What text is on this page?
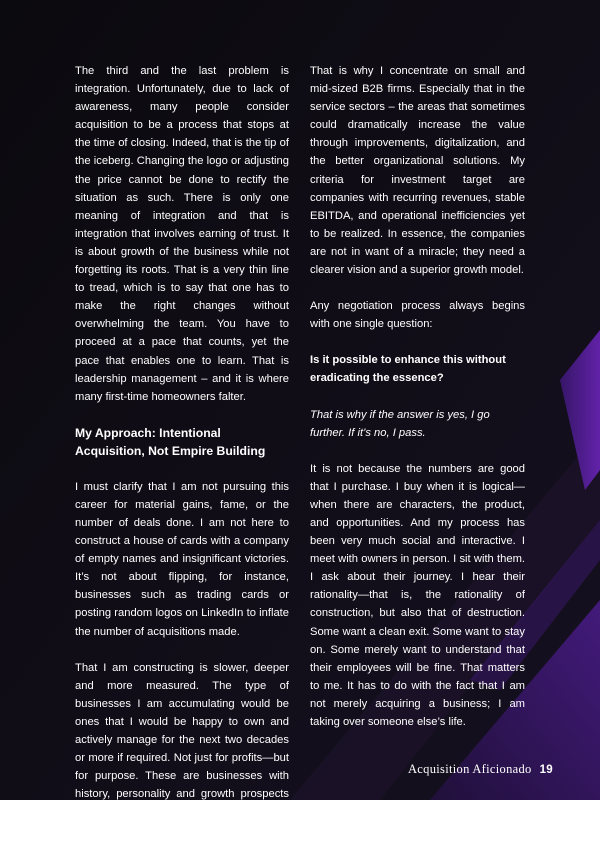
The third and the last problem is integration. Unfortunately, due to lack of awareness, many people consider acquisition to be a process that stops at the time of closing. Indeed, that is the tip of the iceberg. Changing the logo or adjusting the price cannot be done to rectify the situation as such. There is only one meaning of integration and that is integration that involves earning of trust. It is about growth of the business while not forgetting its roots. That is a very thin line to tread, which is to say that one has to make the right changes without overwhelming the team. You have to proceed at a pace that counts, yet the pace that enables one to learn. That is leadership management – and it is where many first-time homeowners falter.

My Approach: Intentional Acquisition, Not Empire Building

I must clarify that I am not pursuing this career for material gains, fame, or the number of deals done. I am not here to construct a house of cards with a company of empty names and insignificant victories. It’s not about flipping, for instance, businesses such as trading cards or posting random logos on LinkedIn to inflate the number of acquisitions made.

That I am constructing is slower, deeper and more measured. The type of businesses I am accumulating would be ones that I would be happy to own and actively manage for the next two decades or more if required. Not just for profits—but for purpose. These are businesses with history, personality and growth prospects that have yet to be fully realized. And I want to be the one who can assist in their development.

That is why I concentrate on small and mid-sized B2B firms. Especially that in the service sectors – the areas that sometimes could dramatically increase the value through improvements, digitalization, and the better organizational solutions. My criteria for investment target are companies with recurring revenues, stable EBITDA, and operational inefficiencies yet to be realized. In essence, the companies are not in want of a miracle; they need a clearer vision and a superior growth model.

Any negotiation process always begins with one single question:

Is it possible to enhance this without eradicating the essence?

That is why if the answer is yes, I go further. If it’s no, I pass.

It is not because the numbers are good that I purchase. I buy when it is logical—when there are characters, the product, and opportunities. And my process has been very much social and interactive. I meet with owners in person. I sit with them. I ask about their journey. I hear their rationality—that is, the rationality of construction, but also that of destruction. Some want a clean exit. Some want to stay on. Some merely want to understand that their employees will be fine. That matters to me. It has to do with the fact that I am not merely acquiring a business; I am taking over someone else’s life.

Acquisition Aficionado 19
